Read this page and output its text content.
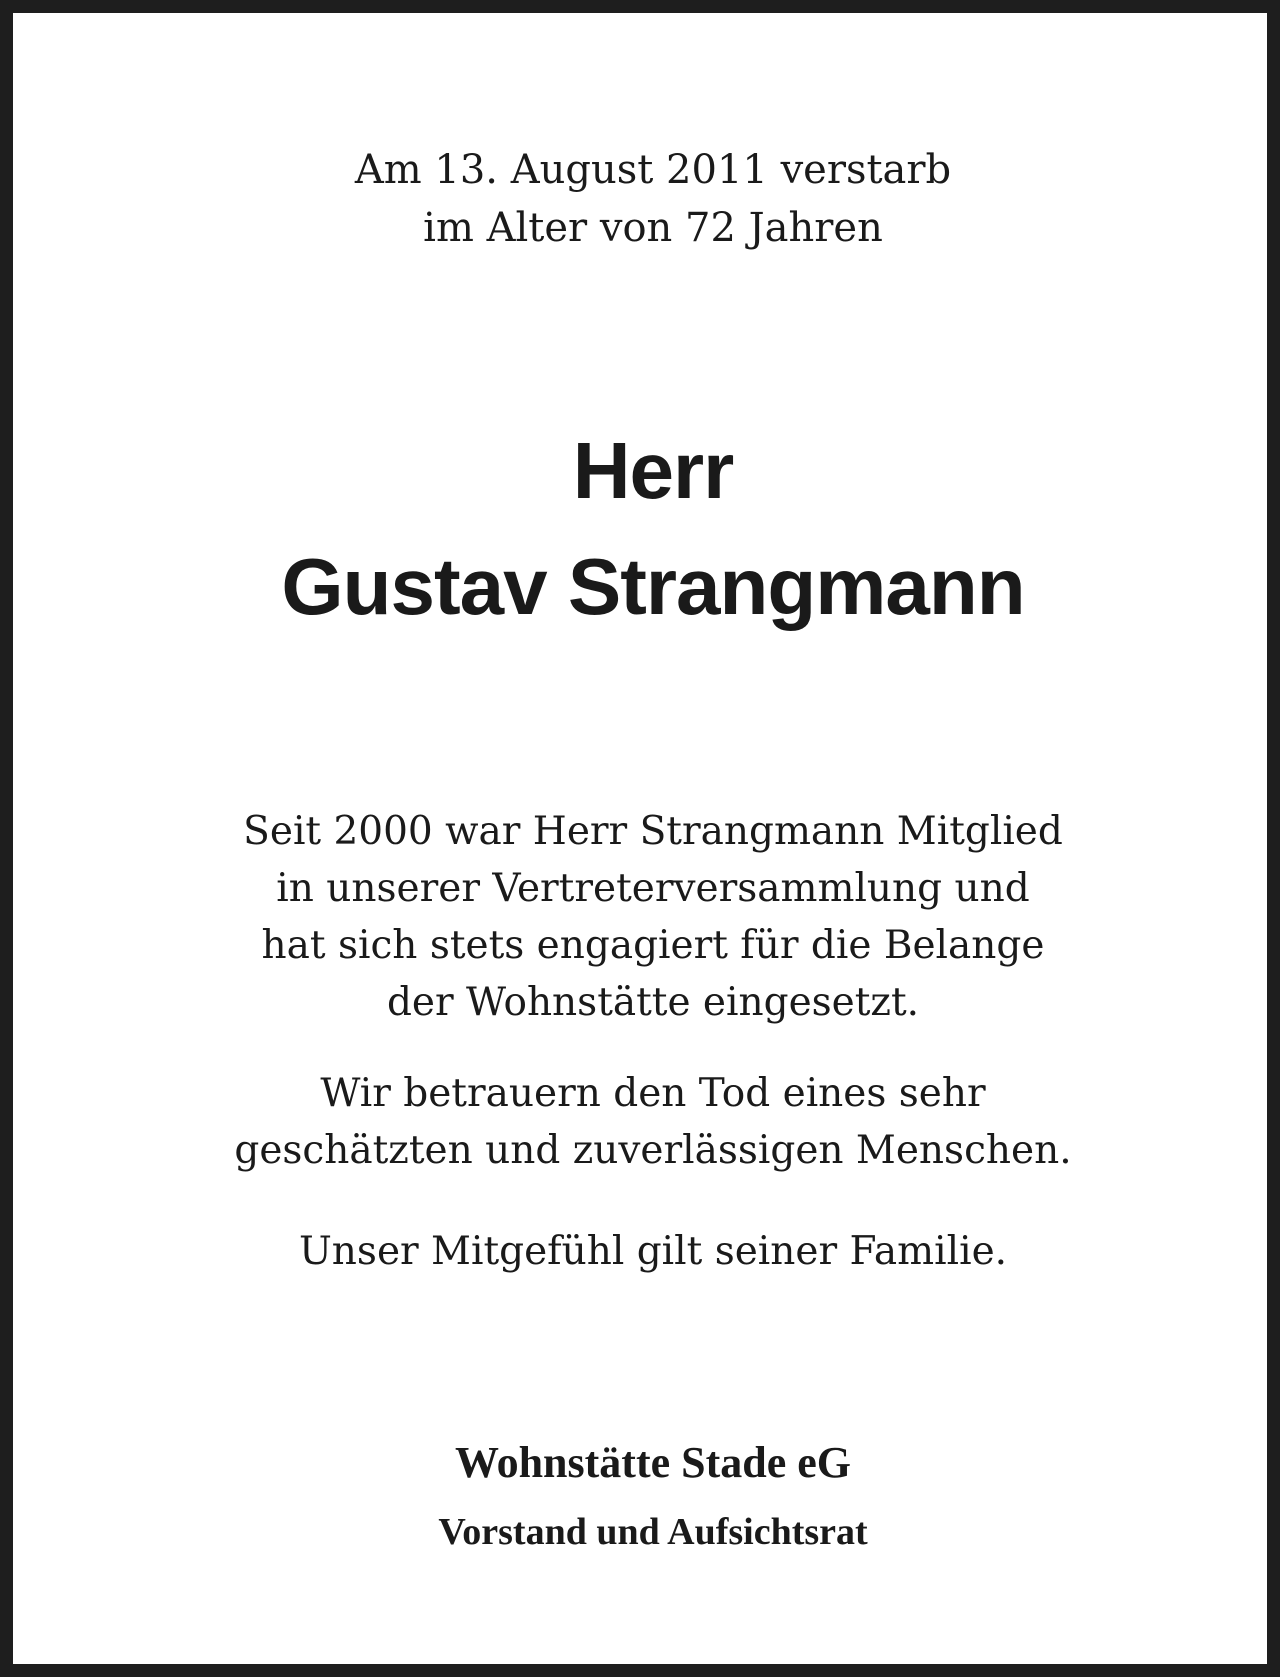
Am 13. August 2011 verstarb
im Alter von 72 Jahren
Herr
Gustav Strangmann
Seit 2000 war Herr Strangmann Mitglied
in unserer Vertreterversammlung und
hat sich stets engagiert für die Belange
der Wohnstätte eingesetzt.
Wir betrauern den Tod eines sehr
geschätzten und zuverlässigen Menschen.
Unser Mitgefühl gilt seiner Familie.
Wohnstätte Stade eG
Vorstand und Aufsichtsrat
